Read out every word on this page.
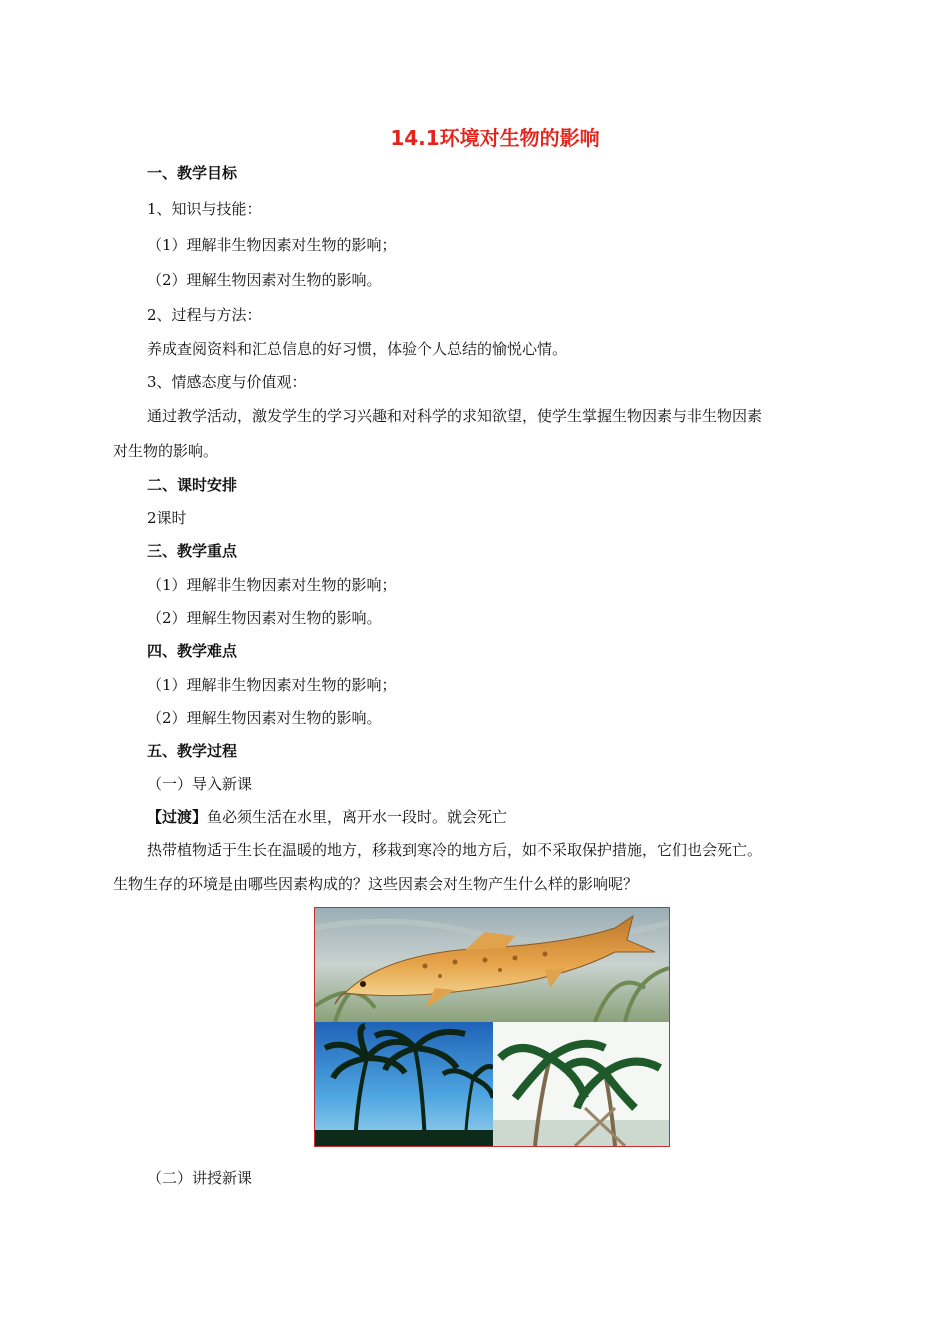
14.1环境对生物的影响
一、教学目标
1、知识与技能：
（1）理解非生物因素对生物的影响；
（2）理解生物因素对生物的影响。
2、过程与方法：
养成查阅资料和汇总信息的好习惯，体验个人总结的愉悦心情。
3、情感态度与价值观：
通过教学活动，激发学生的学习兴趣和对科学的求知欲望，使学生掌握生物因素与非生物因素
对生物的影响。
二、课时安排
2课时
三、教学重点
（1）理解非生物因素对生物的影响；
（2）理解生物因素对生物的影响。
四、教学难点
（1）理解非生物因素对生物的影响；
（2）理解生物因素对生物的影响。
五、教学过程
（一）导入新课
【过渡】鱼必须生活在水里，离开水一段时。就会死亡
热带植物适于生长在温暖的地方，移栽到寒冷的地方后，如不采取保护措施，它们也会死亡。
生物生存的环境是由哪些因素构成的？这些因素会对生物产生什么样的影响呢？
（二）讲授新课
